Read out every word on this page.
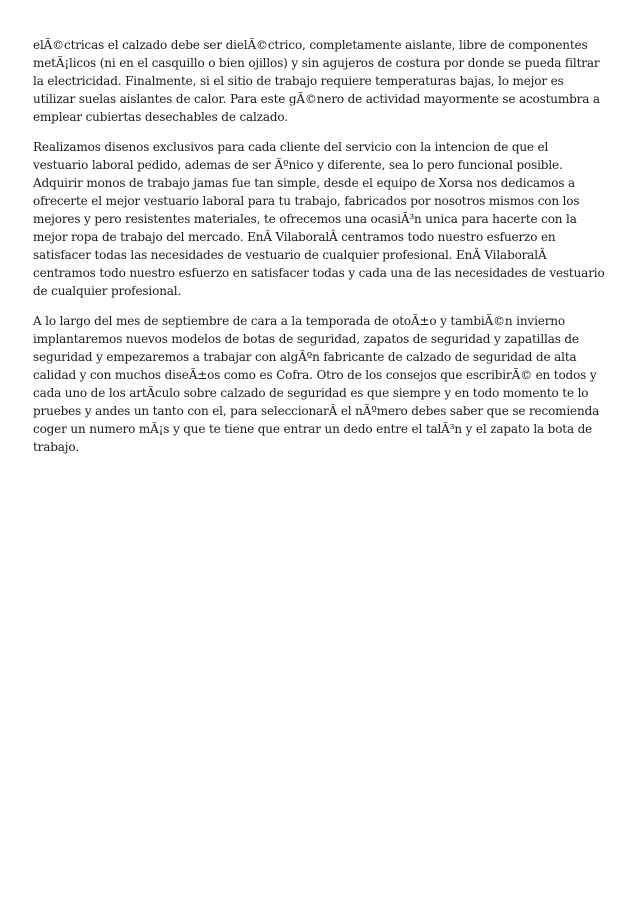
elÃ©ctricas el calzado debe ser dielÃ©ctrico, completamente aislante, libre de componentes metÃ¡licos (ni en el casquillo o bien ojillos) y sin agujeros de costura por donde se pueda filtrar la electricidad. Finalmente, si el sitio de trabajo requiere temperaturas bajas, lo mejor es utilizar suelas aislantes de calor. Para este gÃ©nero de actividad mayormente se acostumbra a emplear cubiertas desechables de calzado.

Realizamos disenos exclusivos para cada cliente del servicio con la intencion de que el vestuario laboral pedido, ademas de ser Ãºnico y diferente, sea lo pero funcional posible. Adquirir monos de trabajo jamas fue tan simple, desde el equipo de Xorsa nos dedicamos a ofrecerte el mejor vestuario laboral para tu trabajo, fabricados por nosotros mismos con los mejores y pero resistentes materiales, te ofrecemos una ocasiÃ³n unica para hacerte con la mejor ropa de trabajo del mercado. EnÂ VilaboralÂ centramos todo nuestro esfuerzo en satisfacer todas las necesidades de vestuario de cualquier profesional. EnÂ VilaboralÂ centramos todo nuestro esfuerzo en satisfacer todas y cada una de las necesidades de vestuario de cualquier profesional.

A lo largo del mes de septiembre de cara a la temporada de otoÃ±o y tambiÃ©n invierno implantaremos nuevos modelos de botas de seguridad, zapatos de seguridad y zapatillas de seguridad y empezaremos a trabajar con algÃºn fabricante de calzado de seguridad de alta calidad y con muchos diseÃ±os como es Cofra. Otro de los consejos que escribirÃ© en todos y cada uno de los artÃculo sobre calzado de seguridad es que siempre y en todo momento te lo pruebes y andes un tanto con el, para seleccionarÂ el nÃºmero debes saber que se recomienda coger un numero mÃ¡s y que te tiene que entrar un dedo entre el talÃ³n y el zapato la bota de trabajo.
